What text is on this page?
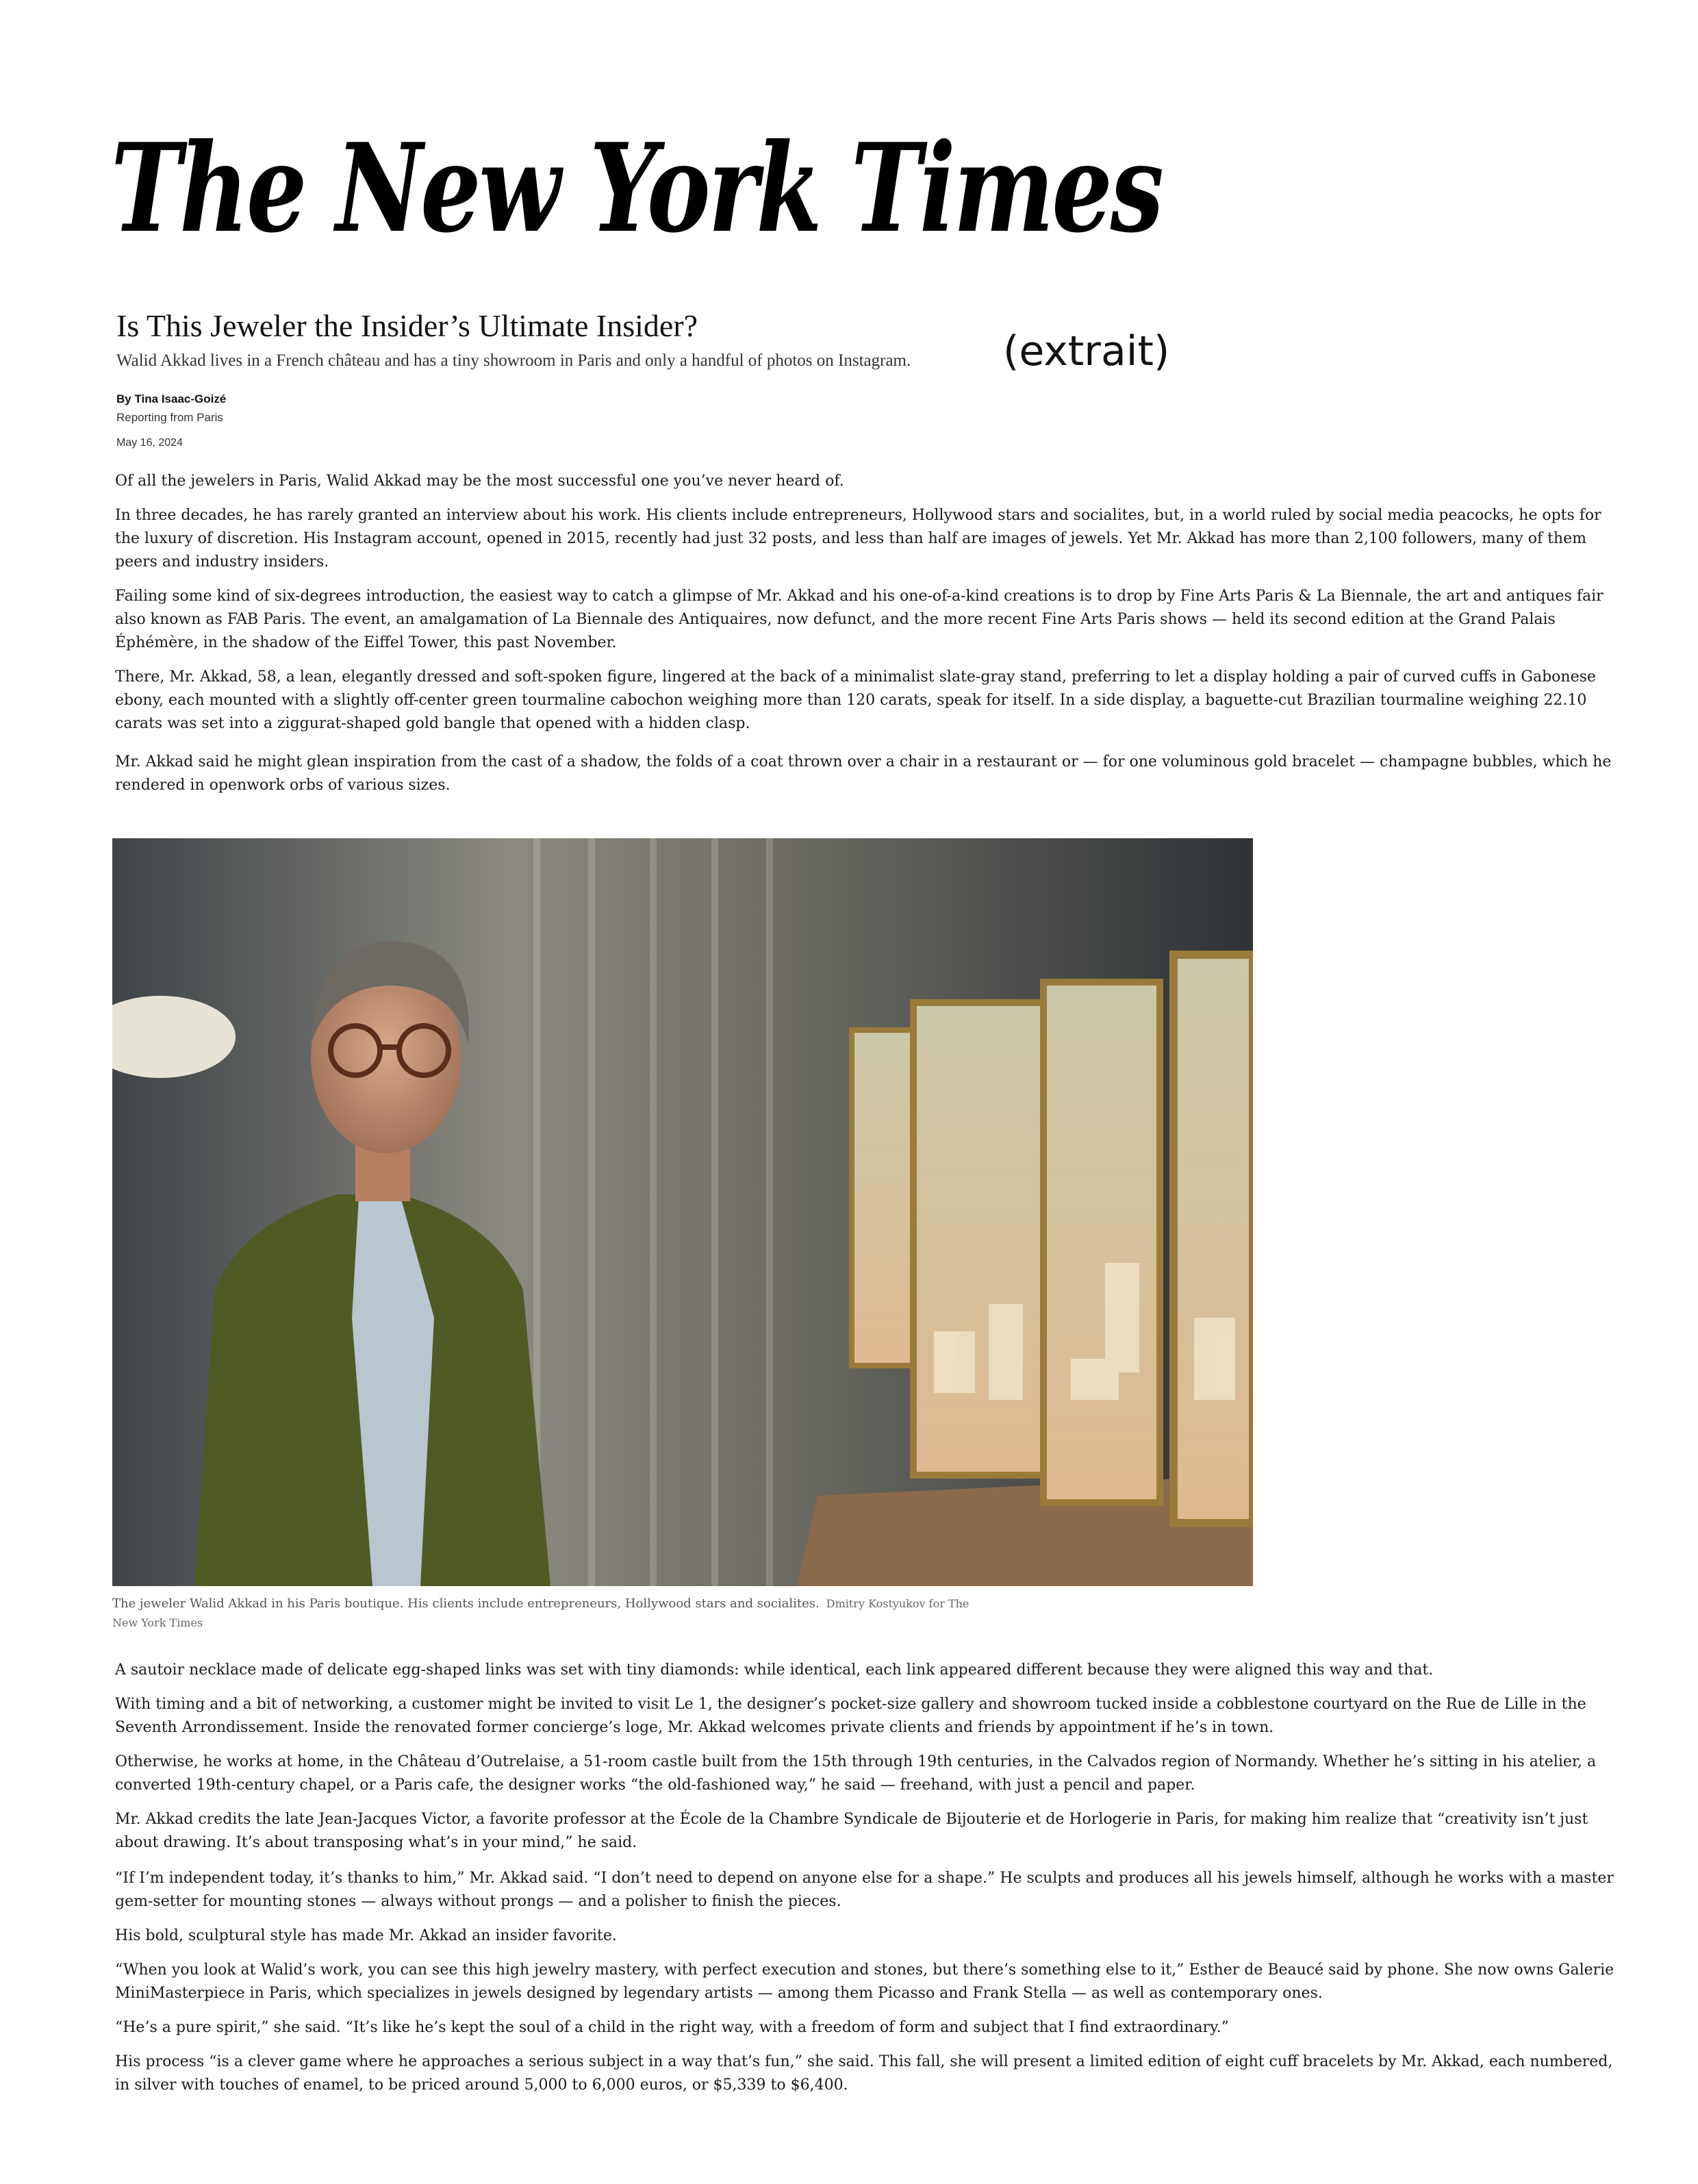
The New York Times
Is This Jeweler the Insider’s Ultimate Insider?
Walid Akkad lives in a French château and has a tiny showroom in Paris and only a handful of photos on Instagram.	(extrait)
By Tina Isaac-Goizé
Reporting from Paris
May 16, 2024

Of all the jewelers in Paris, Walid Akkad may be the most successful one you’ve never heard of.

In three decades, he has rarely granted an interview about his work. His clients include entrepreneurs, Hollywood stars and socialites, but, in a world ruled by social media peacocks, he opts for the luxury of discretion. His Instagram account, opened in 2015, recently had just 32 posts, and less than half are images of jewels. Yet Mr. Akkad has more than 2,100 followers, many of them peers and industry insiders.

Failing some kind of six-degrees introduction, the easiest way to catch a glimpse of Mr. Akkad and his one-of-a-kind creations is to drop by Fine Arts Paris & La Biennale, the art and antiques fair also known as FAB Paris. The event, an amalgamation of La Biennale des Antiquaires, now defunct, and the more recent Fine Arts Paris shows — held its second edition at the Grand Palais Éphémère, in the shadow of the Eiffel Tower, this past November.

There, Mr. Akkad, 58, a lean, elegantly dressed and soft-spoken figure, lingered at the back of a minimalist slate-gray stand, preferring to let a display holding a pair of curved cuffs in Gabonese ebony, each mounted with a slightly off-center green tourmaline cabochon weighing more than 120 carats, speak for itself. In a side display, a baguette-cut Brazilian tourmaline weighing 22.10 carats was set into a ziggurat-shaped gold bangle that opened with a hidden clasp.

Mr. Akkad said he might glean inspiration from the cast of a shadow, the folds of a coat thrown over a chair in a restaurant or — for one voluminous gold bracelet — champagne bubbles, which he rendered in openwork orbs of various sizes.

The jeweler Walid Akkad in his Paris boutique. His clients include entrepreneurs, Hollywood stars and socialites. Dmitry Kostyukov for The New York Times

A sautoir necklace made of delicate egg-shaped links was set with tiny diamonds: while identical, each link appeared different because they were aligned this way and that.

With timing and a bit of networking, a customer might be invited to visit Le 1, the designer’s pocket-size gallery and showroom tucked inside a cobblestone courtyard on the Rue de Lille in the Seventh Arrondissement. Inside the renovated former concierge’s loge, Mr. Akkad welcomes private clients and friends by appointment if he’s in town.

Otherwise, he works at home, in the Château d’Outrelaise, a 51-room castle built from the 15th through 19th centuries, in the Calvados region of Normandy. Whether he’s sitting in his atelier, a converted 19th-century chapel, or a Paris cafe, the designer works “the old-fashioned way,” he said — freehand, with just a pencil and paper.

Mr. Akkad credits the late Jean-Jacques Victor, a favorite professor at the École de la Chambre Syndicale de Bijouterie et de Horlogerie in Paris, for making him realize that “creativity isn’t just about drawing. It’s about transposing what’s in your mind,” he said.

“If I’m independent today, it’s thanks to him,” Mr. Akkad said. “I don’t need to depend on anyone else for a shape.” He sculpts and produces all his jewels himself, although he works with a master gem-setter for mounting stones — always without prongs — and a polisher to finish the pieces.

His bold, sculptural style has made Mr. Akkad an insider favorite.

“When you look at Walid’s work, you can see this high jewelry mastery, with perfect execution and stones, but there’s something else to it,” Esther de Beaucé said by phone. She now owns Galerie MiniMasterpiece in Paris, which specializes in jewels designed by legendary artists — among them Picasso and Frank Stella — as well as contemporary ones.

“He’s a pure spirit,” she said. “It’s like he’s kept the soul of a child in the right way, with a freedom of form and subject that I find extraordinary.”

His process “is a clever game where he approaches a serious subject in a way that’s fun,” she said. This fall, she will present a limited edition of eight cuff bracelets by Mr. Akkad, each numbered, in silver with touches of enamel, to be priced around 5,000 to 6,000 euros, or $5,339 to $6,400.
